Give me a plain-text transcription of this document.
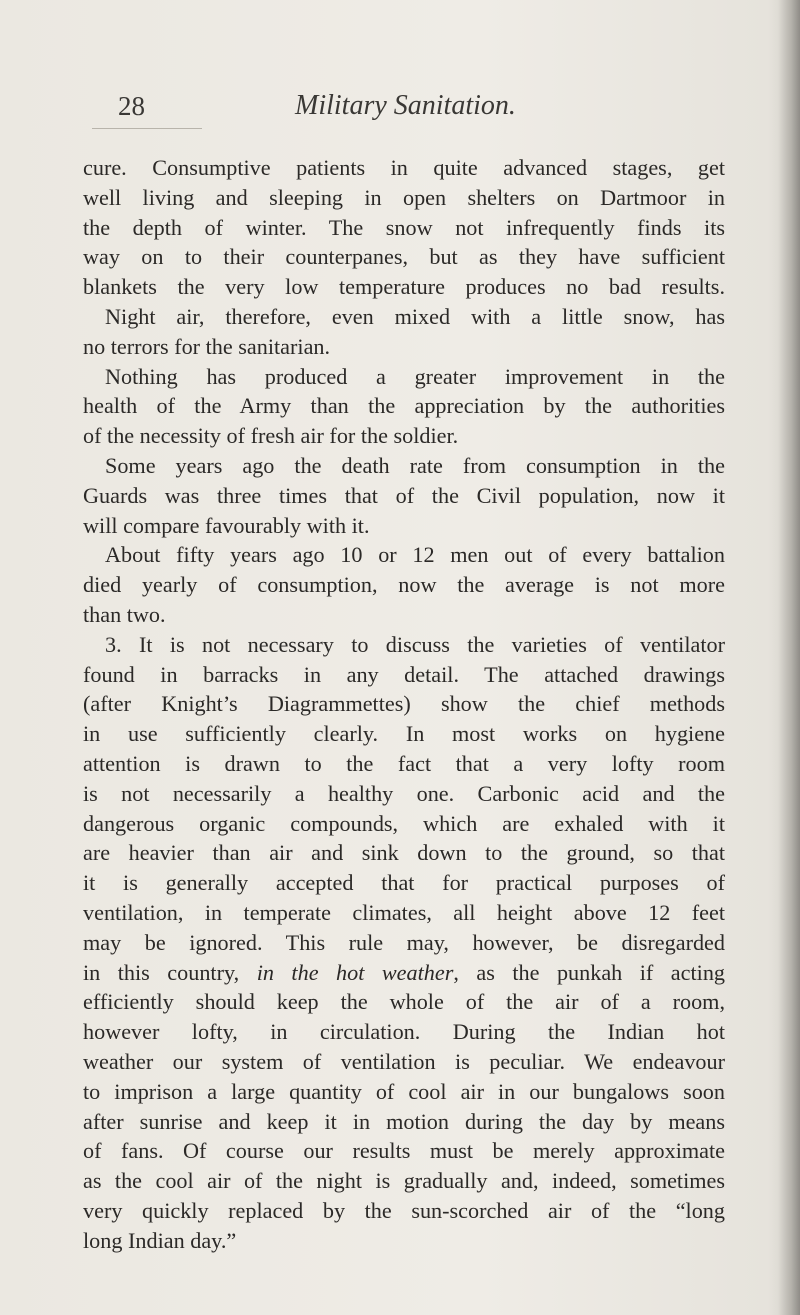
28	Military Sanitation.
cure. Consumptive patients in quite advanced stages, get
well living and sleeping in open shelters on Dartmoor in
the depth of winter. The snow not infrequently finds its
way on to their counterpanes, but as they have sufficient
blankets the very low temperature produces no bad results.
Night air, therefore, even mixed with a little snow, has
no terrors for the sanitarian.
Nothing has produced a greater improvement in the
health of the Army than the appreciation by the authorities
of the necessity of fresh air for the soldier.
Some years ago the death rate from consumption in the
Guards was three times that of the Civil population, now it
will compare favourably with it.
About fifty years ago 10 or 12 men out of every battalion
died yearly of consumption, now the average is not more
than two.
3. It is not necessary to discuss the varieties of ventilator
found in barracks in any detail. The attached drawings
(after Knight’s Diagrammettes) show the chief methods
in use sufficiently clearly. In most works on hygiene
attention is drawn to the fact that a very lofty room
is not necessarily a healthy one. Carbonic acid and the
dangerous organic compounds, which are exhaled with it
are heavier than air and sink down to the ground, so that
it is generally accepted that for practical purposes of
ventilation, in temperate climates, all height above 12 feet
may be ignored. This rule may, however, be disregarded
in this country, in the hot weather, as the punkah if acting
efficiently should keep the whole of the air of a room,
however lofty, in circulation. During the Indian hot
weather our system of ventilation is peculiar. We endeavour
to imprison a large quantity of cool air in our bungalows soon
after sunrise and keep it in motion during the day by means
of fans. Of course our results must be merely approximate
as the cool air of the night is gradually and, indeed, sometimes
very quickly replaced by the sun-scorched air of the “long
long Indian day.”
